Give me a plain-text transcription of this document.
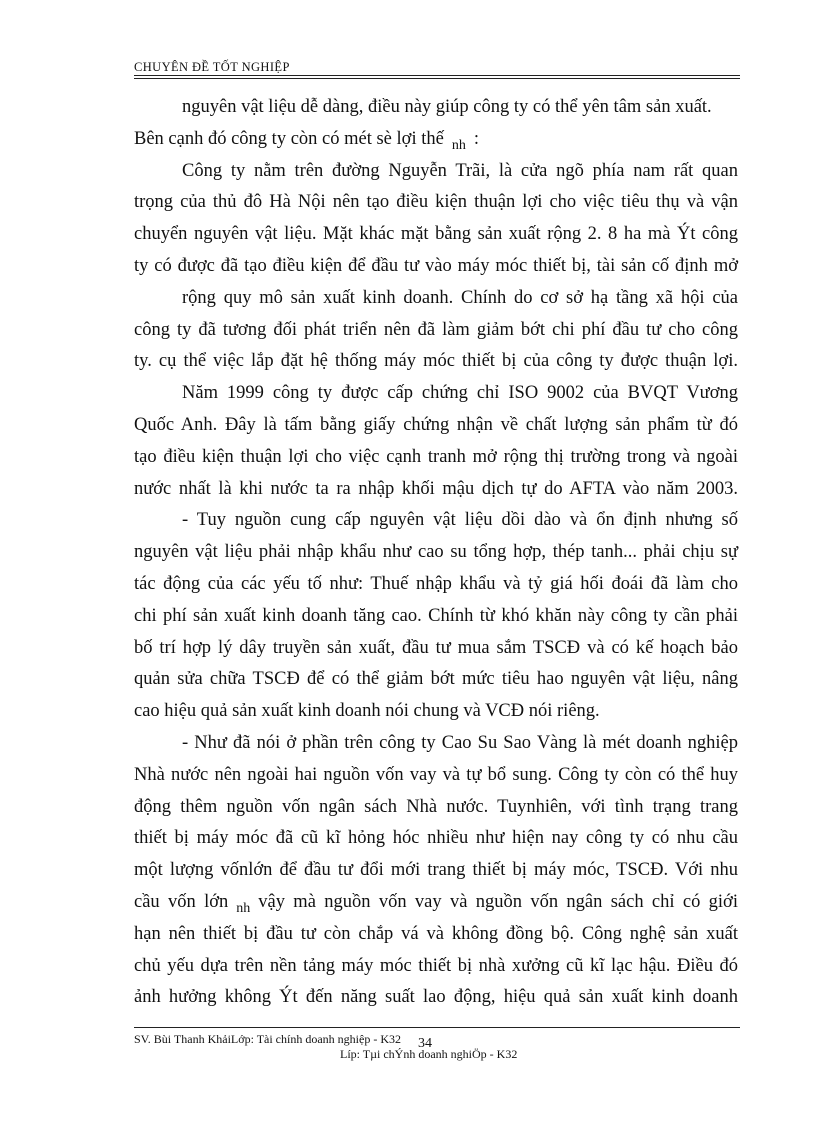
CHUYÊN ĐỀ TỐT NGHIỆP
nguyên vật liệu dễ dàng, điều này giúp công ty có thể yên tâm sản xuất.
Bên cạnh đó công ty còn có mét sè lợi thế $_{nh}$ :
Công ty nằm trên đường Nguyễn Trãi, là cửa ngõ phía nam rất quan
trọng của thủ đô Hà Nội nên tạo điều kiện thuận lợi cho việc tiêu thụ và vận
chuyển nguyên vật liệu. Mặt khác mặt bằng sản xuất rộng 2. 8 ha mà Ýt công
ty có được đã tạo điều kiện để đầu tư vào máy móc thiết bị, tài sản cố định mở
rộng quy mô sản xuất kinh doanh. Chính do cơ sở hạ tầng xã hội của
công ty đã tương đối phát triển nên đã làm giảm bớt chi phí đầu tư cho công
ty. cụ thể việc lắp đặt hệ thống máy móc thiết bị của công ty được thuận lợi.
Năm 1999 công ty được cấp chứng chỉ ISO 9002 của BVQT Vương
Quốc Anh. Đây là tấm bằng giấy chứng nhận về chất lượng sản phẩm từ đó
tạo điều kiện thuận lợi cho việc cạnh tranh mở rộng thị trường trong và ngoài
nước nhất là khi nước ta ra nhập khối mậu dịch tự do AFTA vào năm 2003.
- Tuy nguồn cung cấp nguyên vật liệu dồi dào và ổn định nhưng số
nguyên vật liệu phải nhập khẩu như cao su tổng hợp, thép tanh... phải chịu sự
tác động của các yếu tố như: Thuế nhập khẩu và tỷ giá hối đoái đã làm cho
chi phí sản xuất kinh doanh tăng cao. Chính từ khó khăn này công ty cần phải
bố trí hợp lý dây truyền sản xuất, đầu tư mua sắm TSCĐ và có kế hoạch bảo
quản sửa chữa TSCĐ để có thể giảm bớt mức tiêu hao nguyên vật liệu, nâng
cao hiệu quả sản xuất kinh doanh nói chung và VCĐ nói riêng.
- Như đã nói ở phần trên công ty Cao Su Sao Vàng là mét doanh nghiệp
Nhà nước nên ngoài hai nguồn vốn vay và tự bổ sung. Công ty còn có thể huy
động thêm nguồn vốn ngân sách Nhà nước. Tuynhiên, với tình trạng trang
thiết bị máy móc đã cũ kĩ hỏng hóc nhiều như hiện nay công ty có nhu cầu
một lượng vốnlớn để đầu tư đổi mới trang thiết bị máy móc, TSCĐ. Với nhu
cầu vốn lớn $_{nh}$ vậy mà nguồn vốn vay và nguồn vốn ngân sách chỉ có giới
hạn nên thiết bị đầu tư còn chắp vá và không đồng bộ. Công nghệ sản xuất
chủ yếu dựa trên nền tảng máy móc thiết bị nhà xưởng cũ kĩ lạc hậu. Điều đó
ảnh hưởng không Ýt đến năng suất lao động, hiệu quả sản xuất kinh doanh
SV. Bùi Thanh KhảiLớp: Tài chính doanh nghiệp - K32 34
Líp: Tµi chÝnh doanh nghiÖp - K32
